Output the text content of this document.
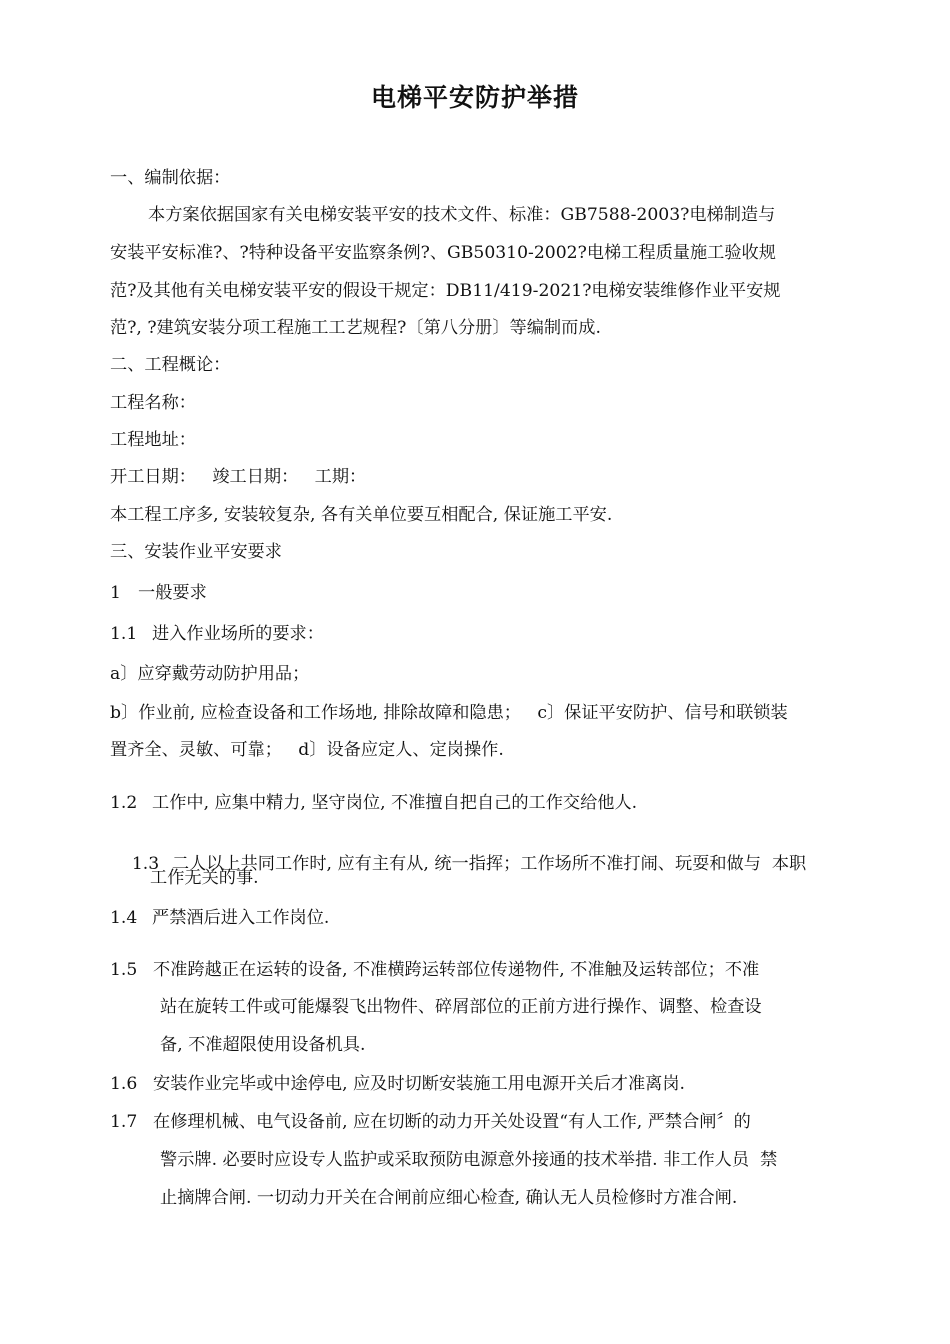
电梯平安防护举措
一、编制依据：
本方案依据国家有关电梯安装平安的技术文件、标准：GB7588-2003?电梯制造与
安装平安标准?、?特种设备平安监察条例?、GB50310-2002?电梯工程质量施工验收规
范?及其他有关电梯安装平安的假设干规定：DB11/419-2021?电梯安装维修作业平安规
范?, ?建筑安装分项工程施工工艺规程?〔第八分册〕等编制而成.
二、工程概论：
工程名称：
工程地址：
开工日期：   竣工日期：   工期：
本工程工序多, 安装较复杂, 各有关单位要互相配合, 保证施工平安.
三、安装作业平安要求
1 一般要求
1.1 进入作业场所的要求：
a〕应穿戴劳动防护用品；
b〕作业前, 应检查设备和工作场地, 排除故障和隐患；   c〕保证平安防护、信号和联锁装
置齐全、灵敏、可靠；   d〕设备应定人、定岗操作.
1.2 工作中, 应集中精力, 坚守岗位, 不准擅自把自己的工作交给他人.

1.3 二人以上共同工作时, 应有主有从, 统一指挥；工作场所不准打闹、玩耍和做与  本职

工作无关的事.
1.4 严禁酒后进入工作岗位.
1.5 不准跨越正在运转的设备, 不准横跨运转部位传递物件, 不准触及运转部位；不准
站在旋转工件或可能爆裂飞出物件、碎屑部位的正前方进行操作、调整、检查设
备, 不准超限使用设备机具.
1.6 安装作业完毕或中途停电, 应及时切断安装施工用电源开关后才准离岗.
1.7 在修理机械、电气设备前, 应在切断的动力开关处设置“有人工作, 严禁合闸〞的
警示牌. 必要时应设专人监护或采取预防电源意外接通的技术举措. 非工作人员  禁
止摘牌合闸. 一切动力开关在合闸前应细心检查, 确认无人员检修时方准合闸.
